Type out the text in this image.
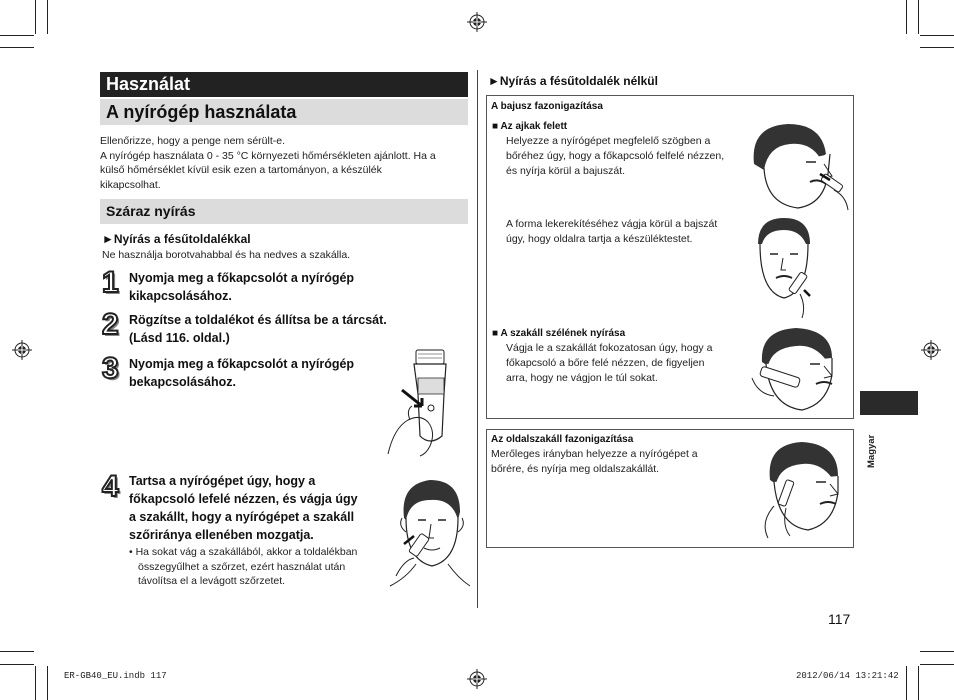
Használat
A nyírógép használata
Ellenőrizze, hogy a penge nem sérült-e.
A nyírógép használata 0 - 35 °C környezeti hőmérsékleten ajánlott. Ha a
külső hőmérséklet kívül esik ezen a tartományon, a készülék
kikapcsolhat.
Száraz nyírás
►Nyírás a fésűtoldalékkal
Ne használja borotvahabbal és ha nedves a szakálla.
1 Nyomja meg a főkapcsolót a nyírógép
kikapcsolásához.
2 Rögzítse a toldalékot és állítsa be a tárcsát.
(Lásd 116. oldal.)
3 Nyomja meg a főkapcsolót a nyírógép
bekapcsolásához.
4 Tartsa a nyírógépet úgy, hogy a
főkapcsoló lefelé nézzen, és vágja úgy
a szakállt, hogy a nyírógépet a szakáll
szőriránya ellenében mozgatja.
• Ha sokat vág a szakállából, akkor a toldalékban
összegyűlhet a szőrzet, ezért használat után
távolítsa el a levágott szőrzetet.
►Nyírás a fésűtoldalék nélkül
A bajusz fazonigazítása
■ Az ajkak felett
Helyezze a nyírógépet megfelelő szögben a
bőréhez úgy, hogy a főkapcsoló felfelé nézzen,
és nyírja körül a bajuszát.
A forma lekerekítéséhez vágja körül a bajszát
úgy, hogy oldalra tartja a készüléktestet.
■ A szakáll szélének nyírása
Vágja le a szakállát fokozatosan úgy, hogy a
főkapcsoló a bőre felé nézzen, de figyeljen
arra, hogy ne vágjon le túl sokat.
Az oldalszakáll fazonigazítása
Merőleges irányban helyezze a nyírógépet a
bőrére, és nyírja meg oldalszakállát.
Magyar
117
ER-GB40_EU.indb 117	2012/06/14 13:21:42
